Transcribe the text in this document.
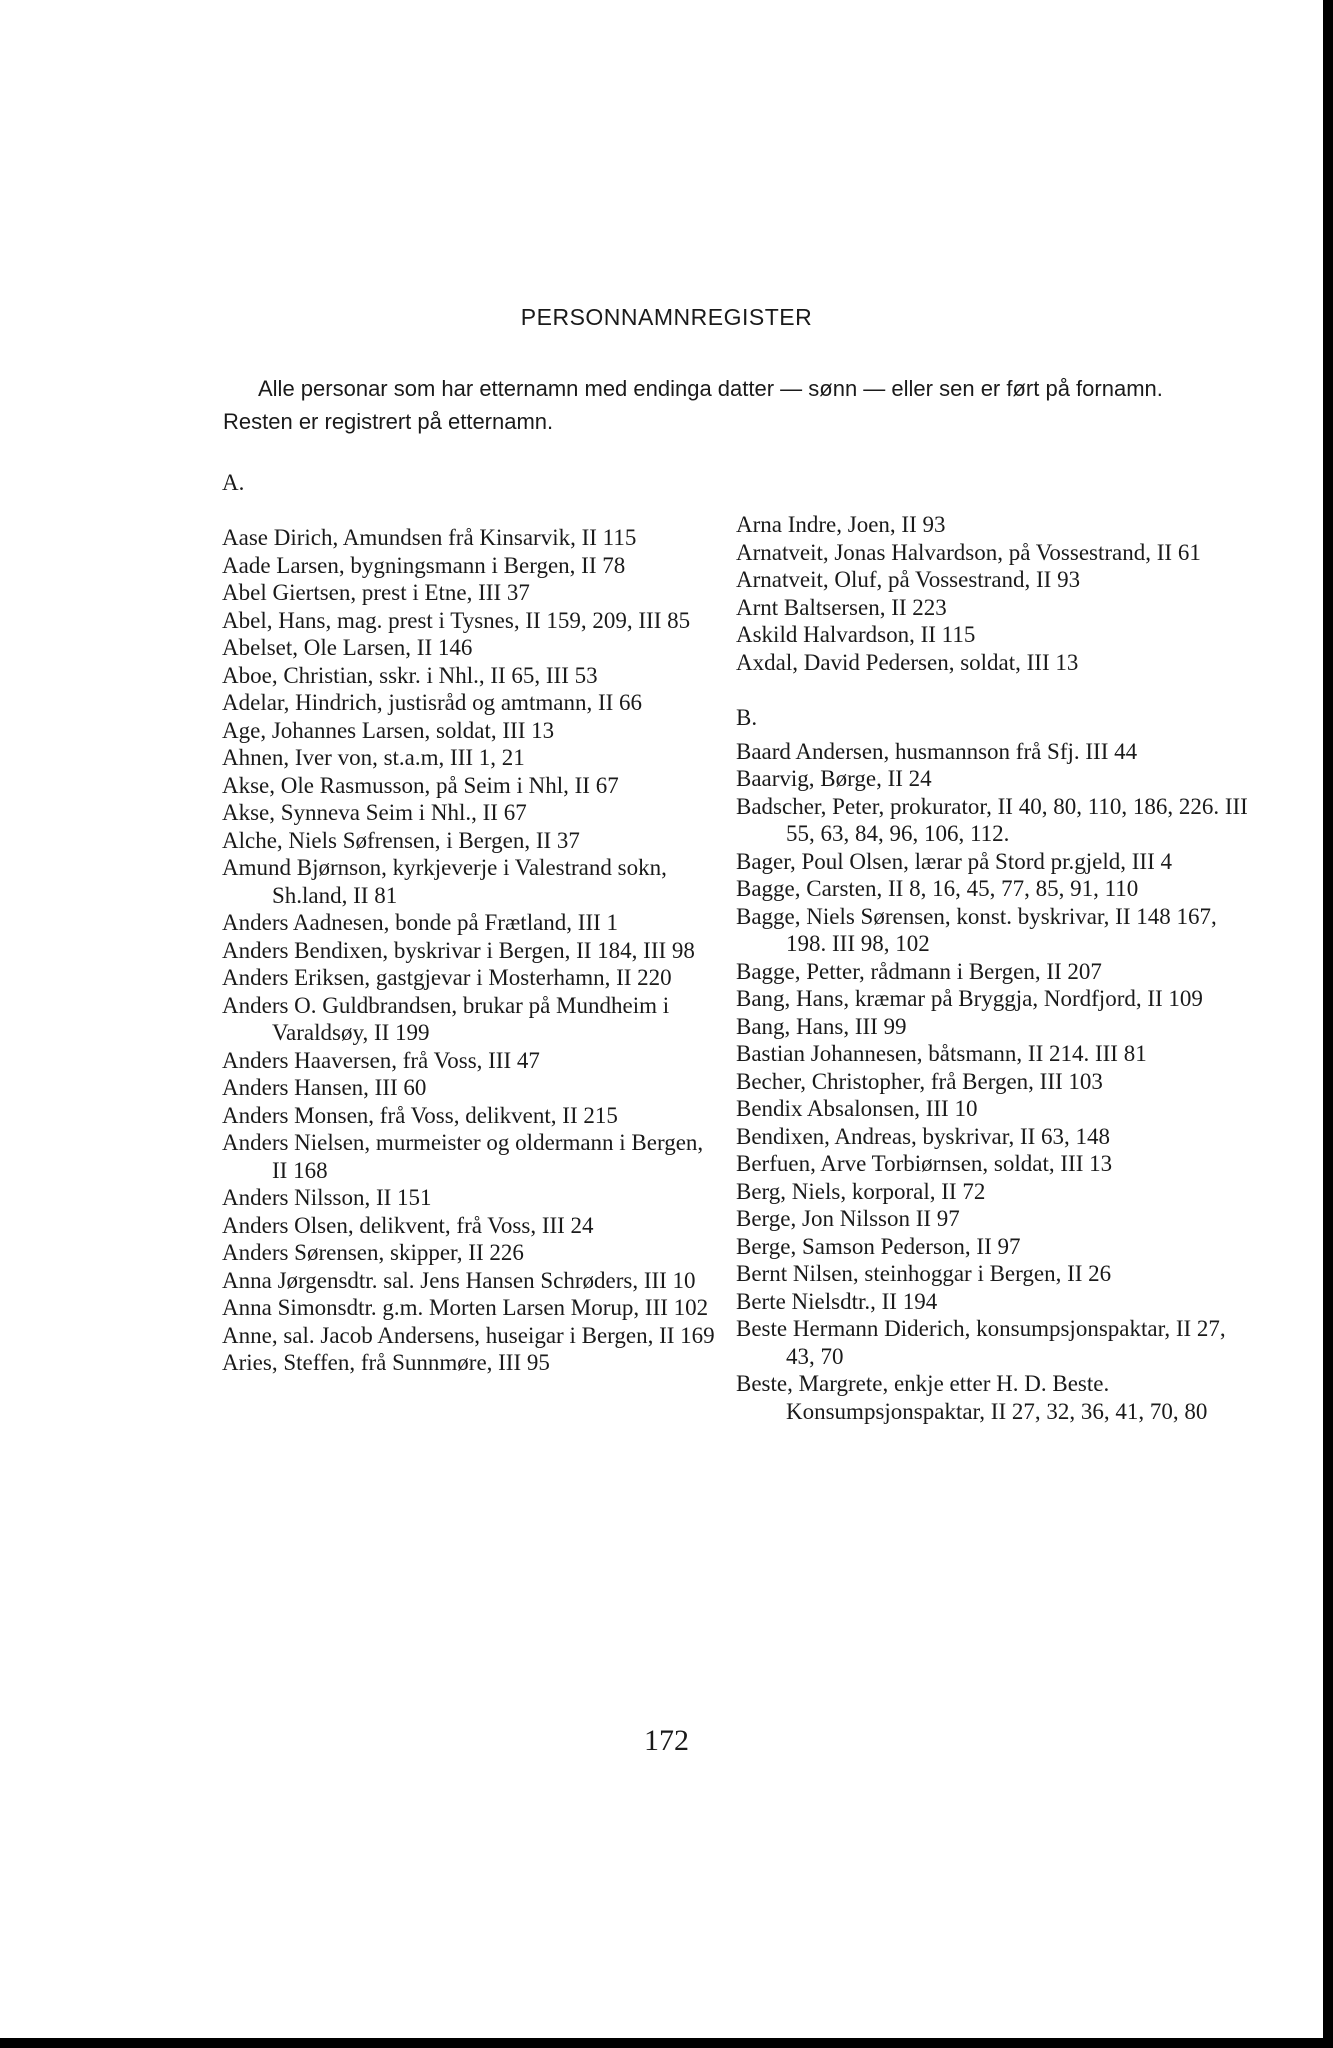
PERSONNAMNREGISTER

Alle personar som har etternamn med endinga datter — sønn — eller sen er ført på fornamn. Resten er registrert på etternamn.

A.
Aase Dirich, Amundsen frå Kinsarvik, II 115
Aade Larsen, bygningsmann i Bergen, II 78
Abel Giertsen, prest i Etne, III 37
Abel, Hans, mag. prest i Tysnes, II 159, 209, III 85
Abelset, Ole Larsen, II 146
Aboe, Christian, sskr. i Nhl., II 65, III 53
Adelar, Hindrich, justisråd og amtmann, II 66
Age, Johannes Larsen, soldat, III 13
Ahnen, Iver von, st.a.m, III 1, 21
Akse, Ole Rasmusson, på Seim i Nhl, II 67
Akse, Synneva Seim i Nhl., II 67
Alche, Niels Søfrensen, i Bergen, II 37
Amund Bjørnson, kyrkjeverje i Valestrand sokn, Sh.land, II 81
Anders Aadnesen, bonde på Frætland, III 1
Anders Bendixen, byskrivar i Bergen, II 184, III 98
Anders Eriksen, gastgjevar i Mosterhamn, II 220
Anders O. Guldbrandsen, brukar på Mundheim i Varaldsøy, II 199
Anders Haaversen, frå Voss, III 47
Anders Hansen, III 60
Anders Monsen, frå Voss, delikvent, II 215
Anders Nielsen, murmeister og oldermann i Bergen, II 168
Anders Nilsson, II 151
Anders Olsen, delikvent, frå Voss, III 24
Anders Sørensen, skipper, II 226
Anna Jørgensdtr. sal. Jens Hansen Schrøders, III 10
Anna Simonsdtr. g.m. Morten Larsen Morup, III 102
Anne, sal. Jacob Andersens, huseigar i Bergen, II 169
Aries, Steffen, frå Sunnmøre, III 95
Arna Indre, Joen, II 93
Arnatveit, Jonas Halvardson, på Vossestrand, II 61
Arnatveit, Oluf, på Vossestrand, II 93
Arnt Baltsersen, II 223
Askild Halvardson, II 115
Axdal, David Pedersen, soldat, III 13
B.
Baard Andersen, husmannson frå Sfj. III 44
Baarvig, Børge, II 24
Badscher, Peter, prokurator, II 40, 80, 110, 186, 226. III 55, 63, 84, 96, 106, 112.
Bager, Poul Olsen, lærar på Stord pr.gjeld, III 4
Bagge, Carsten, II 8, 16, 45, 77, 85, 91, 110
Bagge, Niels Sørensen, konst. byskrivar, II 148 167, 198. III 98, 102
Bagge, Petter, rådmann i Bergen, II 207
Bang, Hans, kræmar på Bryggja, Nordfjord, II 109
Bang, Hans, III 99
Bastian Johannesen, båtsmann, II 214. III 81
Becher, Christopher, frå Bergen, III 103
Bendix Absalonsen, III 10
Bendixen, Andreas, byskrivar, II 63, 148
Berfuen, Arve Torbiørnsen, soldat, III 13
Berg, Niels, korporal, II 72
Berge, Jon Nilsson II 97
Berge, Samson Pederson, II 97
Bernt Nilsen, steinhoggar i Bergen, II 26
Berte Nielsdtr., II 194
Beste Hermann Diderich, konsumpsjonspaktar, II 27, 43, 70
Beste, Margrete, enkje etter H. D. Beste. Konsumpsjonspaktar, II 27, 32, 36, 41, 70, 80
172
